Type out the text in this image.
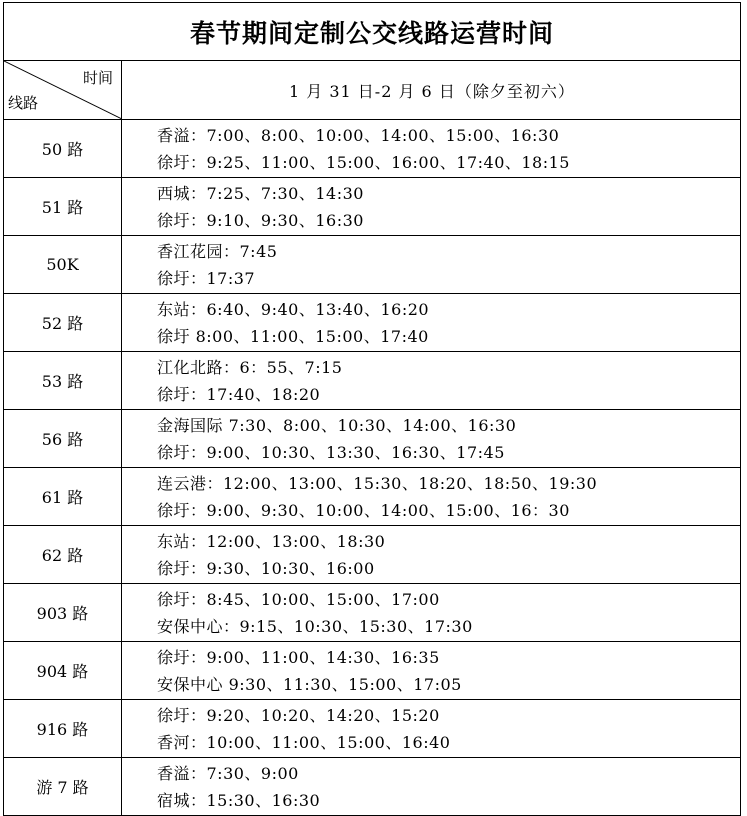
春节期间定制公交线路运营时间
时间
线路
1 月 31 日-2 月 6 日（除夕至初六）
50 路
香溢：7:00、8:00、10:00、14:00、15:00、16:30
徐圩：9:25、11:00、15:00、16:00、17:40、18:15
51 路
西城：7:25、7:30、14:30
徐圩：9:10、9:30、16:30
50K
香江花园：7:45
徐圩：17:37
52 路
东站：6:40、9:40、13:40、16:20
徐圩 8:00、11:00、15:00、17:40
53 路
江化北路：6：55、7:15
徐圩：17:40、18:20
56 路
金海国际 7:30、8:00、10:30、14:00、16:30
徐圩：9:00、10:30、13:30、16:30、17:45
61 路
连云港：12:00、13:00、15:30、18:20、18:50、19:30
徐圩：9:00、9:30、10:00、14:00、15:00、16：30
62 路
东站：12:00、13:00、18:30
徐圩：9:30、10:30、16:00
903 路
徐圩：8:45、10:00、15:00、17:00
安保中心：9:15、10:30、15:30、17:30
904 路
徐圩：9:00、11:00、14:30、16:35
安保中心 9:30、11:30、15:00、17:05
916 路
徐圩：9:20、10:20、14:20、15:20
香河：10:00、11:00、15:00、16:40
游 7 路
香溢：7:30、9:00
宿城：15:30、16:30
